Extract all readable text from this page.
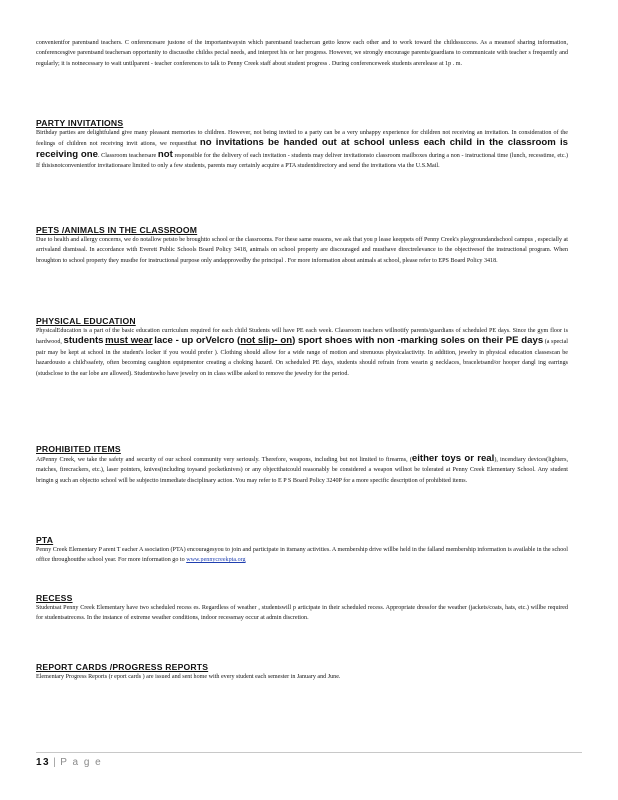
convenientfor parentsand teachers. C onferencesare justone of the importantwaysin which parentsand teachercan getto know each other and to work toward the childssuccess. As a meansof sharing information, conferencesgive parentsand teachersan opportunity to discussthe childss pecial needs, and interpret his or her progress. However, we strongly encourage parents/guardians to communicate with teacher s frequently and regularly; it is notnecessary to wait untilparent - teacher conferences to talk to Penny Creek staff about student progress . During conferenceweek students arerelease at 1p . m.

PARTY INVITATIONS

Birthday parties are delightfuland give many pleasant memories to children. However, not being invited to a party can be a very unhappy experience for children not receiving an invitation. In consideration of the feelings of children not receiving invit ations, we requestthat no invitations be handed out at school unless each child in the classroom is receiving one. Classroom teachersare not responsible for the delivery of each invitation - students may deliver invitationsto classroom mailboxes during a non - instructional time (lunch, recesstime, etc.) If thisisnotconvenientfor invitationsare limited to only a few students, parents may certainly acquire a PTA studentdirectory and send the invitations via the U.S.Mail.

PETS /ANIMALS IN THE CLASSROOM

Due to health and allergy concerns, we do notallow petsto be broughtto school or the classrooms. For these same reasons, we ask that you p lease keeppets off Penny Creek's playgroundandschool campus , especially at arrivaland dismissal. In accordance with Everett Public Schools Board Policy 3418, animals on school property are discouraged and musthave directrelevance to the objectivesof the instructional program. When broughton to school property they mustbe for instructional purpose only andapprovedby the principal . For more information about animals at school, please refer to EPS Board Policy 3418.

PHYSICAL EDUCATION

PhysicalEducation is a part of the basic education curriculum required for each child Students will have PE each week. Classroom teachers willnotify parents/guardians of scheduled PE days. Since the gym floor is hardwood, students must wear lace - up orVelcro (not slip- on) sport shoes with non -marking soles on their PE days (a special pair may be kept at school in the student's locker if you would prefer ). Clothing should allow for a wide range of motion and strenuous physicalactivity. In addition, jewelry in physical education classescan be hazardousto a child'ssafety, often becoming caughton equipmentor creating a choking hazard. On scheduled PE days, students should refrain from wearin g necklaces, braceletsand/or hooper dangl ing earrings (studsclose to the ear lobe are allowed). Studentswho have jewelry on in class willbe asked to remove the jewelry for the period.

PROHIBITED ITEMS

AtPenny Creek, we take the safety and security of our school community very seriously. Therefore, weapons, including but not limited to firearms, (either toys or real), incendiary devices(lighters, matches, firecrackers, etc.), laser pointers, knives(including toysand pocketknives) or any objectthatcould reasonably be considered a weapon willnot be tolerated at Penny Creek Elementary School. Any student bringin g such an objectto school will be subjectto immediate disciplinary action. You may refer to E P S Board Policy 3240P for a more specific description of prohibited items.

PTA

Penny Creek Elementary P arent T eacher A ssociation (PTA) encouragesyou to join and participate in itsmany activities. A membership drive willbe held in the falland membership information is available in the school office throughoutthe school year. For more information go to www.pennycreekpta.org

RECESS

Studentsat Penny Creek Elementary have two scheduled recess es. Regardless of weather , studentswill p articipate in their scheduled recess. Appropriate dressfor the weather (jackets/coats, hats, etc.) willbe required for studentsatrecess. In the instance of extreme weather conditions, indoor recessmay occur at admin discretion.

REPORT CARDS /PROGRESS REPORTS

Elementary Progress Reports (r eport cards ) are issued and sent home with every student each semester in January and June.

13 | P a g e
